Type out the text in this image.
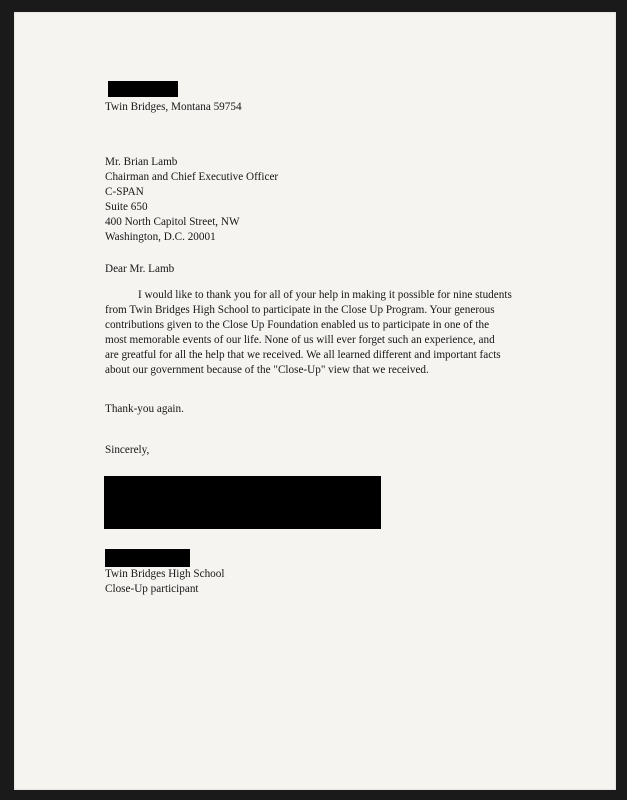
Twin Bridges, Montana 59754
Mr. Brian Lamb
Chairman and Chief Executive Officer
C-SPAN
Suite 650
400 North Capitol Street, NW
Washington, D.C. 20001
Dear Mr. Lamb
I would like to thank you for all of your help in making it possible for nine students
from Twin Bridges High School to participate in the Close Up Program. Your generous
contributions given to the Close Up Foundation enabled us to participate in one of the
most memorable events of our life. None of us will ever forget such an experience, and
are greatful for all the help that we received. We all learned different and important facts
about our government because of the "Close-Up" view that we received.
Thank-you again.
Sincerely,
Twin Bridges High School
Close-Up participant
